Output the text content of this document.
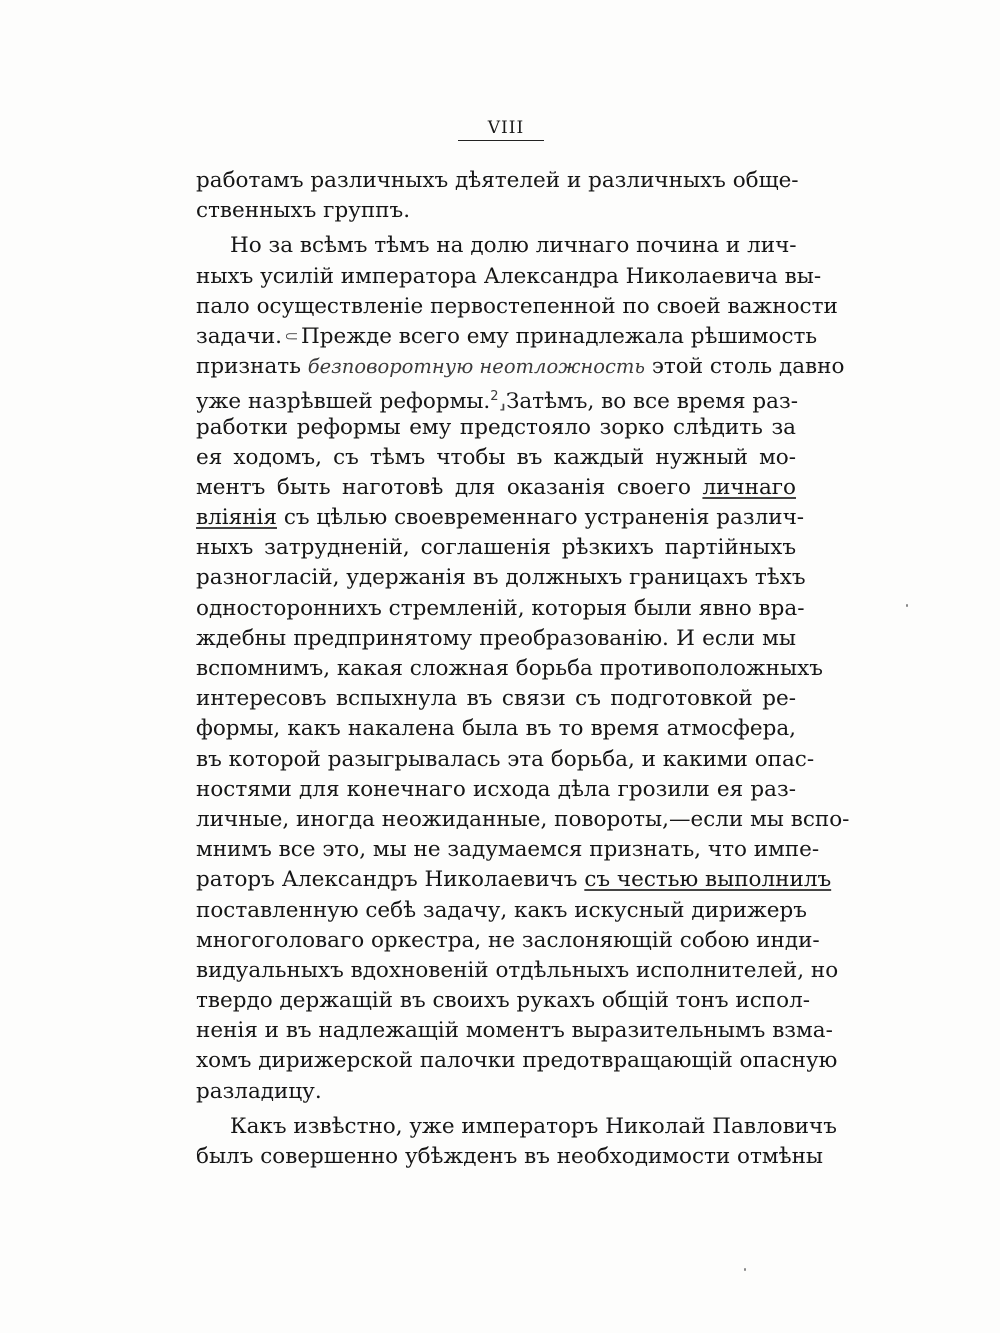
VIII
работамъ различныхъ дѣятелей и различныхъ обще-
ственныхъ группъ.
Но за всѣмъ тѣмъ на долю личнаго почина и лич-
ныхъ усилій императора Александра Николаевича вы-
пало осуществленіе первостепенной по своей важности
задачи.⸦Прежде всего ему принадлежала рѣшимость
признать безповоротную неотложность этой столь давно
уже назрѣвшей реформы.$^2$⸥Затѣмъ, во все время раз-
работки реформы ему предстояло зорко слѣдить за
ея ходомъ, съ тѣмъ чтобы въ каждый нужный мо-
ментъ быть наготовѣ для оказанія своего личнаго
вліянія съ цѣлью своевременнаго устраненія различ-
ныхъ затрудненій, соглашенія рѣзкихъ партійныхъ
разногласій, удержанія въ должныхъ границахъ тѣхъ
одностороннихъ стремленій, которыя были явно вра-
ждебны предпринятому преобразованію. И если мы
вспомнимъ, какая сложная борьба противоположныхъ
интересовъ вспыхнула въ связи съ подготовкой ре-
формы, какъ накалена была въ то время атмосфера,
въ которой разыгрывалась эта борьба, и какими опас-
ностями для конечнаго исхода дѣла грозили ея раз-
личные, иногда неожиданные, повороты,—если мы вспо-
мнимъ все это, мы не задумаемся признать, что импе-
раторъ Александръ Николаевичъ съ честью выполнилъ
поставленную себѣ задачу, какъ искусный дирижеръ
многоголоваго оркестра, не заслоняющій собою инди-
видуальныхъ вдохновеній отдѣльныхъ исполнителей, но
твердо держащій въ своихъ рукахъ общій тонъ испол-
ненія и въ надлежащій моментъ выразительнымъ взма-
хомъ дирижерской палочки предотвращающій опасную
разладицу.
Какъ извѣстно, уже императоръ Николай Павловичъ
былъ совершенно убѣжденъ въ необходимости отмѣны
